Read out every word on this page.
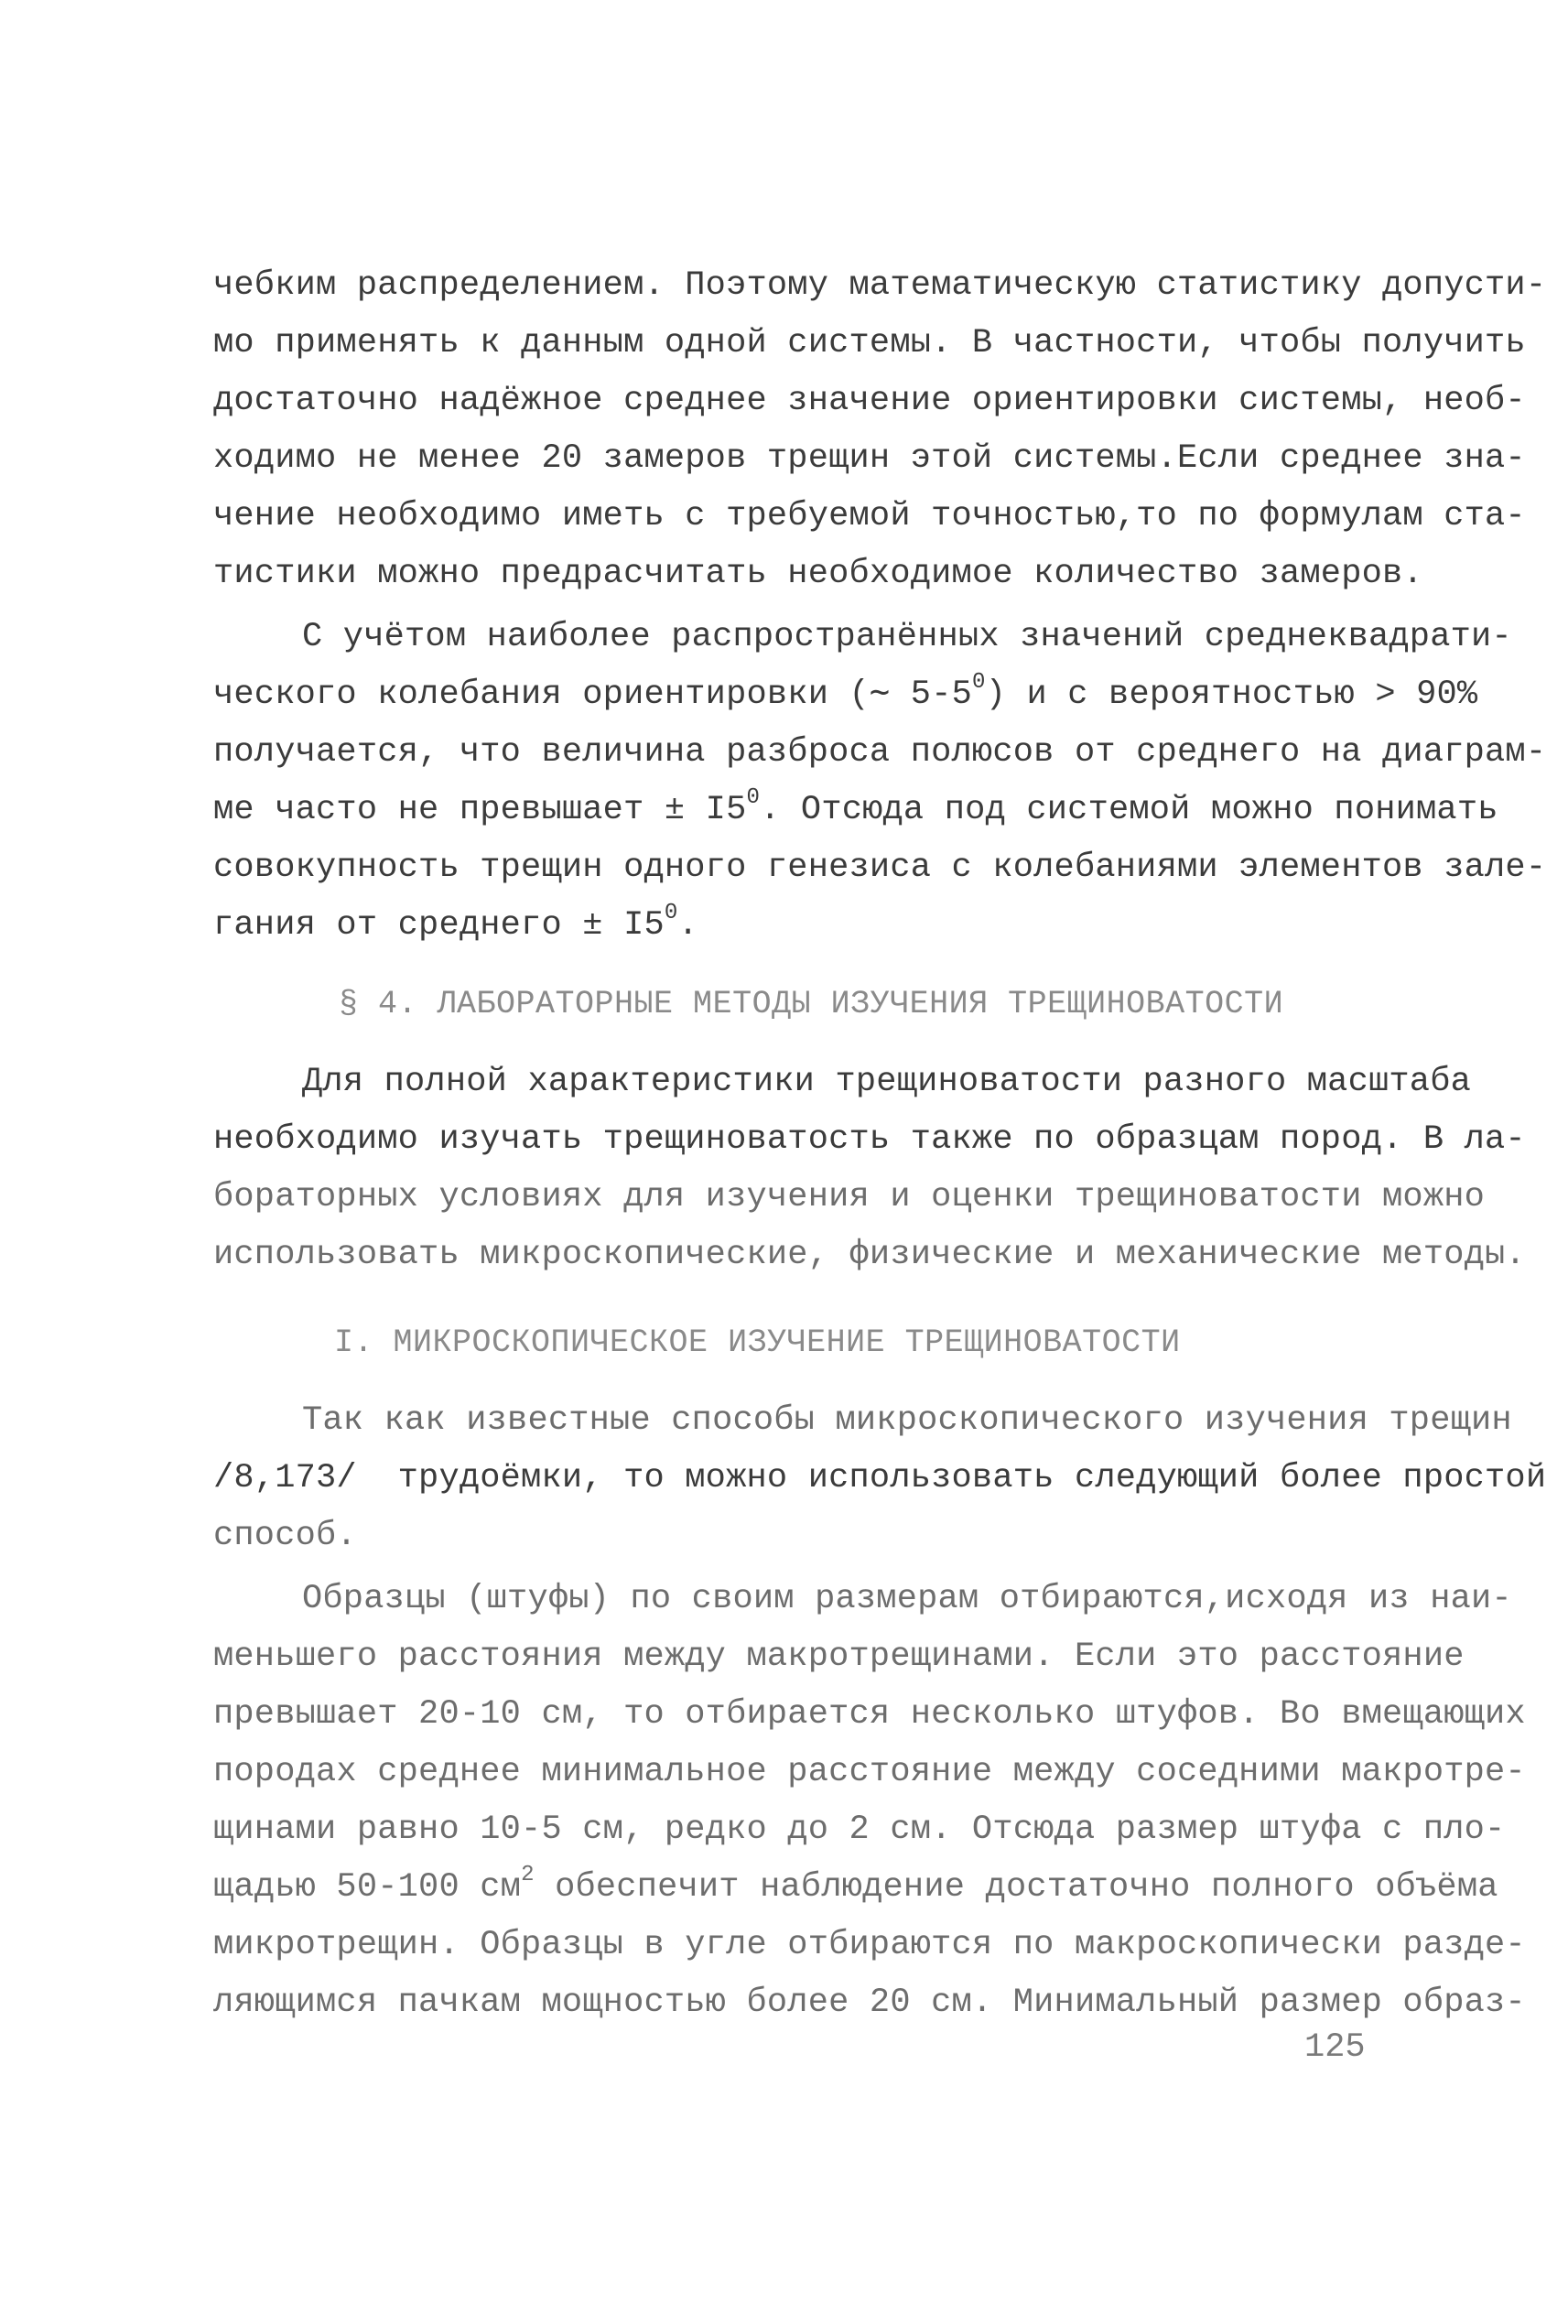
чебким распределением. Поэтому математическую статистику допусти-
мо применять к данным одной системы. В частности, чтобы получить
достаточно надёжное среднее значение ориентировки системы, необ-
ходимо не менее 20 замеров трещин этой системы.Если среднее зна-
чение необходимо иметь с требуемой точностью,то по формулам ста-
тистики можно предрасчитать необходимое количество замеров.
С учётом наиболее распространённых значений среднеквадрати-
ческого колебания ориентировки (∼ $5-5^0$) и с вероятностью > 90%
получается, что величина разброса полюсов от среднего на диаграм-
ме часто не превышает ± $I5^0$. Отсюда под системой можно понимать
совокупность трещин одного генезиса с колебаниями элементов зале-
гания от среднего ± $I5^0$.
§ 4. ЛАБОРАТОРНЫЕ МЕТОДЫ ИЗУЧЕНИЯ ТРЕЩИНОВАТОСТИ
Для полной характеристики трещиноватости разного масштаба
необходимо изучать трещиноватость также по образцам пород. В ла-
бораторных условиях для изучения и оценки трещиноватости можно
использовать микроскопические, физические и механические методы.
I. МИКРОСКОПИЧЕСКОЕ ИЗУЧЕНИЕ ТРЕЩИНОВАТОСТИ
Так как известные способы микроскопического изучения трещин
/8,173/  трудоёмки, то можно использовать следующий более простой
способ.
Образцы (штуфы) по своим размерам отбираются,исходя из наи-
меньшего расстояния между макротрещинами. Если это расстояние
превышает 20-10 см, то отбирается несколько штуфов. Во вмещающих
породах среднее минимальное расстояние между соседними макротре-
щинами равно 10-5 см, редко до 2 см. Отсюда размер штуфа с пло-
щадью 50-100 $см^2$ обеспечит наблюдение достаточно полного объёма
микротрещин. Образцы в угле отбираются по макроскопически разде-
ляющимся пачкам мощностью более 20 см. Минимальный размер образ-
125
